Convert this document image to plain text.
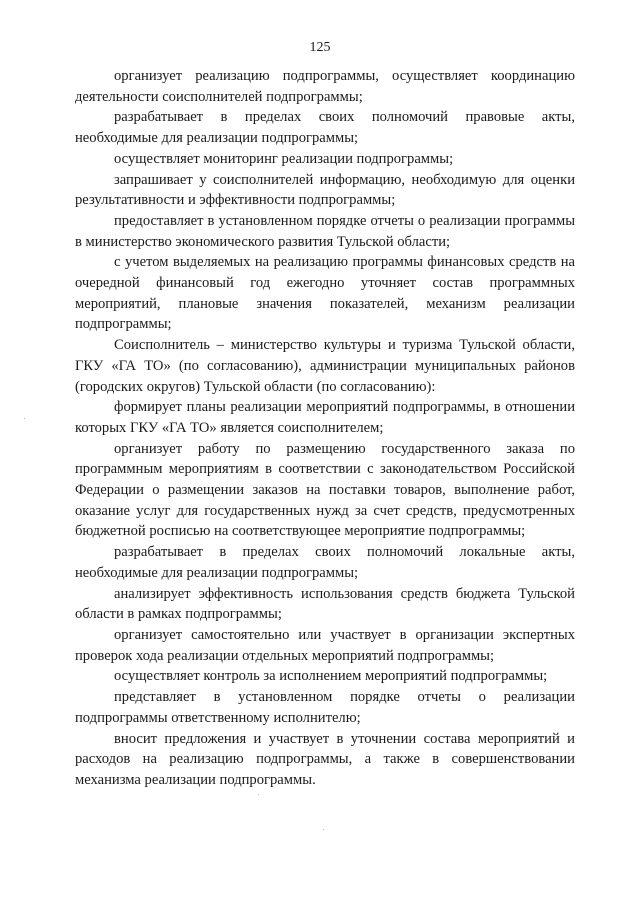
125

организует реализацию подпрограммы, осуществляет координацию деятельности соисполнителей подпрограммы;

разрабатывает в пределах своих полномочий правовые акты, необходимые для реализации подпрограммы;

осуществляет мониторинг реализации подпрограммы;

запрашивает у соисполнителей информацию, необходимую для оценки результативности и эффективности подпрограммы;

предоставляет в установленном порядке отчеты о реализации программы в министерство экономического развития Тульской области;

с учетом выделяемых на реализацию программы финансовых средств на очередной финансовый год ежегодно уточняет состав программных мероприятий, плановые значения показателей, механизм реализации подпрограммы;

Соисполнитель – министерство культуры и туризма Тульской области, ГКУ «ГА ТО» (по согласованию), администрации муниципальных районов (городских округов) Тульской области (по согласованию):

формирует планы реализации мероприятий подпрограммы, в отношении которых ГКУ «ГА ТО» является соисполнителем;

организует работу по размещению государственного заказа по программным мероприятиям в соответствии с законодательством Российской Федерации о размещении заказов на поставки товаров, выполнение работ, оказание услуг для государственных нужд за счет средств, предусмотренных бюджетной росписью на соответствующее мероприятие подпрограммы;

разрабатывает в пределах своих полномочий локальные акты, необходимые для реализации подпрограммы;

анализирует эффективность использования средств бюджета Тульской области в рамках подпрограммы;

организует самостоятельно или участвует в организации экспертных проверок хода реализации отдельных мероприятий подпрограммы;

осуществляет контроль за исполнением мероприятий подпрограммы;

представляет в установленном порядке отчеты о реализации подпрограммы ответственному исполнителю;

вносит предложения и участвует в уточнении состава мероприятий и расходов на реализацию подпрограммы, а также в совершенствовании механизма реализации подпрограммы.
